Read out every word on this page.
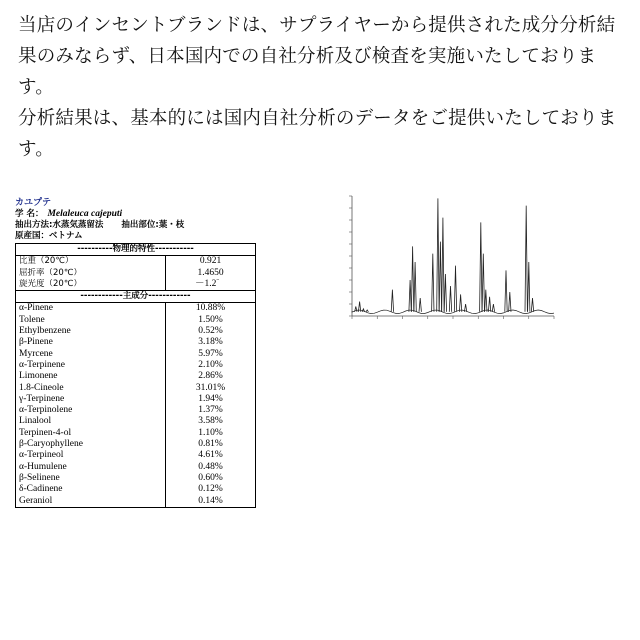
当店のインセントブランドは、サプライヤーから提供された成分分析結果のみならず、日本国内での自社分析及び検査を実施いたしております。

分析結果は、基本的には国内自社分析のデータをご提供いたしております。

カユプテ
学 名： Melaleuca cajeputi
抽出方法:水蒸気蒸留法 抽出部位:葉・枝
原産国：ベトナム
----------物理的特性-----------	
比重（20℃）	0.921
屈折率（20℃）	1.4650
旋光度（20℃）	－1.2゜
------------主成分------------	
α-Pinene	10.88%
Tolene	1.50%
Ethylbenzene	0.52%
β-Pinene	3.18%
Myrcene	5.97%
α-Terpinene	2.10%
Limonene	2.86%
1.8-Cineole	31.01%
γ-Terpinene	1.94%
α-Terpinolene	1.37%
Linalool	3.58%
Terpinen-4-ol	1.10%
β-Caryophyllene	0.81%
α-Terpineol	4.61%
α-Humulene	0.48%
β-Selinene	0.60%
δ-Cadinene	0.12%
Geraniol	0.14%
